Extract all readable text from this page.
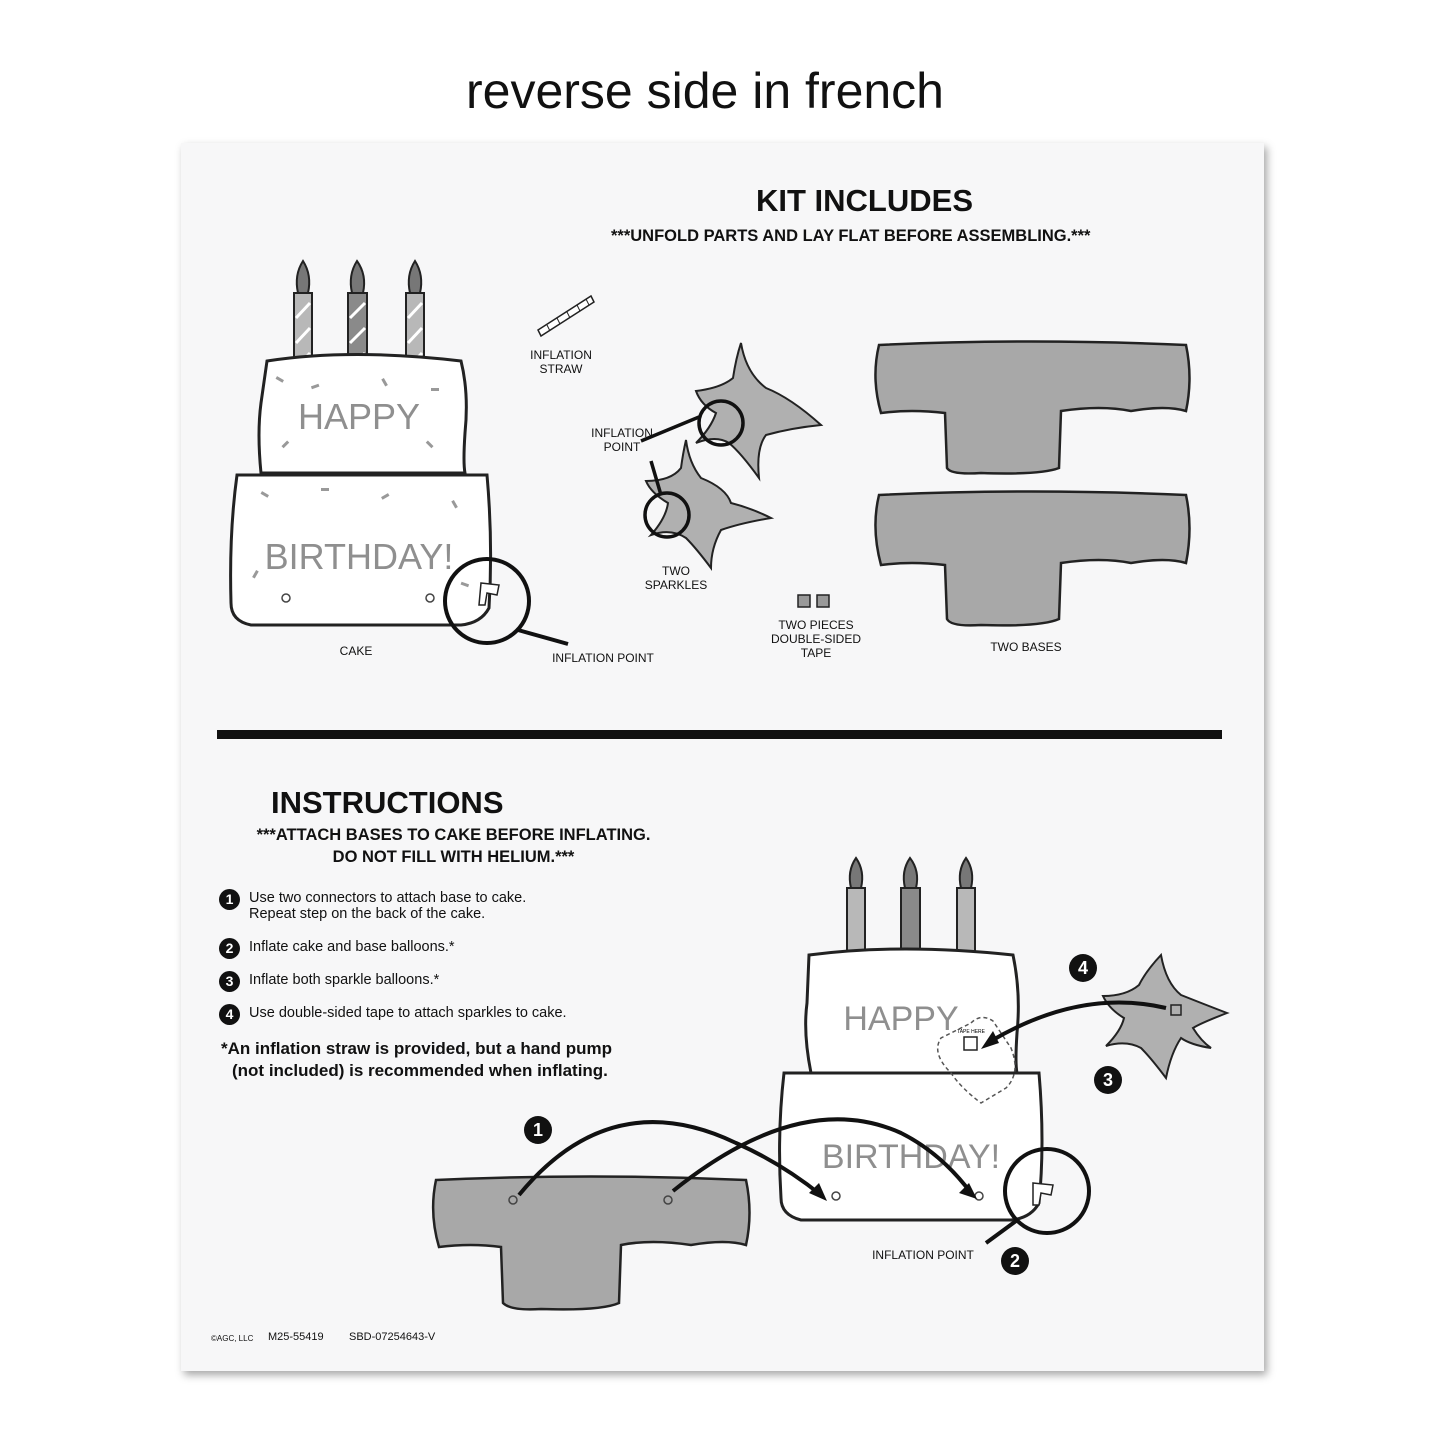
reverse side in french
KIT INCLUDES
***UNFOLD PARTS AND LAY FLAT BEFORE ASSEMBLING.***
HAPPY
BIRTHDAY!
INFLATION
STRAW
INFLATION
POINT
TWO
SPARKLES
TWO PIECES
DOUBLE-SIDED
TAPE	TWO BASES
CAKE	INFLATION POINT
INSTRUCTIONS
***ATTACH BASES TO CAKE BEFORE INFLATING.
DO NOT FILL WITH HELIUM.***
1	Use two connectors to attach base to cake.
Repeat step on the back of the cake.
2	Inflate cake and base balloons.*
3	Inflate both sparkle balloons.*
4	Use double-sided tape to attach sparkles to cake.
*An inflation straw is provided, but a hand pump
(not included) is recommended when inflating.
HAPPY
BIRTHDAY!
TAPE HERE
1
2
3
4
INFLATION POINT
©AGC, LLC M25-55419 SBD-07254643-V
